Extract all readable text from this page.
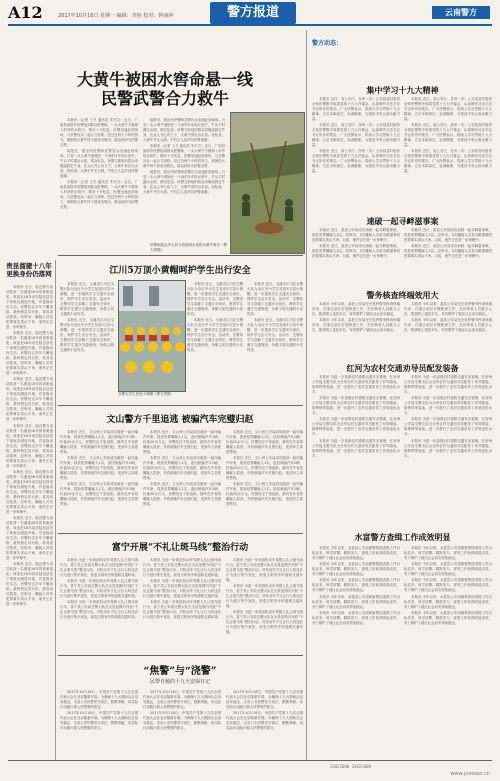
A12	2017年10月16日 星期一 编辑：李艳 校对：钟丽萍	警方报道	云南警方
大黄牛被困水窖命悬一线
民警武警合力救牛

本报讯（记者 王冬 通讯员 朱书文）近日，广南县南屏乡民警接到群众报警称，一头大黄牛不慎掉入村旁的水窖中，情况十分危急，民警迅速赶到现场，与武警官兵一起合力营救。经过近两个小时的努力，被困的大黄牛终于被成功救出，群众纷纷为民警点赞。

接报后，派出所民警和武警官兵迅速赶到现场。只见一头大黄牛被困在一个深约3米的水窖中，牛头不时露出水面，情况危急。民警立即组织群众用绳索固定牛身，在众人齐心协力下，大黄牛被拉出水窖。经检查，大黄牛并无大碍。牛的主人连声向民警道谢。

本报讯（记者 王冬 通讯员 朱书文）近日，广南县南屏乡民警接到群众报警称，一头大黄牛不慎掉入村旁的水窖中，情况十分危急，民警迅速赶到现场，与武警官兵一起合力营救。经过近两个小时的努力，被困的大黄牛终于被成功救出，群众纷纷为民警点赞。

接报后，派出所民警和武警官兵迅速赶到现场。只见一头大黄牛被困在一个深约3米的水窖中，牛头不时露出水面，情况危急。民警立即组织群众用绳索固定牛身，在众人齐心协力下，大黄牛被拉出水窖。经检查，大黄牛并无大碍。牛的主人连声向民警道谢。

本报讯（记者 王冬 通讯员 朱书文）近日，广南县南屏乡民警接到群众报警称，一头大黄牛不慎掉入村旁的水窖中，情况十分危急，民警迅速赶到现场，与武警官兵一起合力营救。经过近两个小时的努力，被困的大黄牛终于被成功救出，群众纷纷为民警点赞。

接报后，派出所民警和武警官兵迅速赶到现场。只见一头大黄牛被困在一个深约3米的水窖中，牛头不时露出水面，情况危急。民警立即组织群众用绳索固定牛身，在众人齐心协力下，大黄牛被拉出水窖。经检查，大黄牛并无大碍。牛的主人连声向民警道谢。

民警和群众齐心协力将被困水窖的大黄牛救出（警方供图）
贵昆溜捷十八年
更换身份仍落网

本报讯 近日，陆良警方成功抓获一名潜逃18年的命案逃犯。该逃犯18年前在陆良县犯下命案后潜逃外地，并更换身份生活。民警经过多年不懈追踪，最终锁定其行踪，将其成功抓获。经审讯，嫌疑人对其犯罪事实供认不讳，案件正在进一步审理中。

本报讯 近日，陆良警方成功抓获一名潜逃18年的命案逃犯。该逃犯18年前在陆良县犯下命案后潜逃外地，并更换身份生活。民警经过多年不懈追踪，最终锁定其行踪，将其成功抓获。经审讯，嫌疑人对其犯罪事实供认不讳，案件正在进一步审理中。

本报讯 近日，陆良警方成功抓获一名潜逃18年的命案逃犯。该逃犯18年前在陆良县犯下命案后潜逃外地，并更换身份生活。民警经过多年不懈追踪，最终锁定其行踪，将其成功抓获。经审讯，嫌疑人对其犯罪事实供认不讳，案件正在进一步审理中。

本报讯 近日，陆良警方成功抓获一名潜逃18年的命案逃犯。该逃犯18年前在陆良县犯下命案后潜逃外地，并更换身份生活。民警经过多年不懈追踪，最终锁定其行踪，将其成功抓获。经审讯，嫌疑人对其犯罪事实供认不讳，案件正在进一步审理中。

本报讯 近日，陆良警方成功抓获一名潜逃18年的命案逃犯。该逃犯18年前在陆良县犯下命案后潜逃外地，并更换身份生活。民警经过多年不懈追踪，最终锁定其行踪，将其成功抓获。经审讯，嫌疑人对其犯罪事实供认不讳，案件正在进一步审理中。

本报讯 近日，陆良警方成功抓获一名潜逃18年的命案逃犯。该逃犯18年前在陆良县犯下命案后潜逃外地，并更换身份生活。民警经过多年不懈追踪，最终锁定其行踪，将其成功抓获。经审讯，嫌疑人对其犯罪事实供认不讳，案件正在进一步审理中。

本报讯 近日，陆良警方成功抓获一名潜逃18年的命案逃犯。该逃犯18年前在陆良县犯下命案后潜逃外地，并更换身份生活。民警经过多年不懈追踪，最终锁定其行踪，将其成功抓获。经审讯，嫌疑人对其犯罪事实供认不讳，案件正在进一步审理中。

江川5万顶小黄帽呵护学生出行安全

本报讯 近日，玉溪市江川区交警大队为全区中小学生发放5万顶小黄帽，进一步提高学生交通安全意识，保护学生出行安全。活动中，交警向学生讲解了交通安全知识，教育学生遵守交通规则，争做文明交通的小宣传员。

本报讯 近日，玉溪市江川区交警大队为全区中小学生发放5万顶小黄帽，进一步提高学生交通安全意识，保护学生出行安全。活动中，交警向学生讲解了交通安全知识，教育学生遵守交通规则，争做文明交通的小宣传员。

本报讯 近日，玉溪市江川区交警大队为全区中小学生发放5万顶小黄帽，进一步提高学生交通安全意识，保护学生出行安全。活动中，交警向学生讲解了交通安全知识，教育学生遵守交通规则，争做文明交通的小宣传员。

本报讯 近日，玉溪市江川区交警大队为全区中小学生发放5万顶小黄帽，进一步提高学生交通安全意识，保护学生出行安全。活动中，交警向学生讲解了交通安全知识，教育学生遵守交通规则，争做文明交通的小宣传员。

本报讯 近日，玉溪市江川区交警大队为全区中小学生发放5万顶小黄帽，进一步提高学生交通安全意识，保护学生出行安全。活动中，交警向学生讲解了交通安全知识，教育学生遵守交通规则，争做文明交通的小宣传员。

本报讯 近日，玉溪市江川区交警大队为全区中小学生发放5万顶小黄帽，进一步提高学生交通安全意识，保护学生出行安全。活动中，交警向学生讲解了交通安全知识，教育学生遵守交通规则，争做文明交通的小宣传员。

交警为学生发放小黄帽（警方供图）
文山警方千里追逃 被骗汽车完璧归赵

本报讯 近日，文山州公安局成功破获一起诈骗汽车案，抓获犯罪嫌疑人1名，追回被骗汽车1辆，价值20余万元。民警经过千里追踪，最终在外省将嫌疑人抓获，并将被骗汽车完璧归赵，受到车主高度赞扬。

本报讯 近日，文山州公安局成功破获一起诈骗汽车案，抓获犯罪嫌疑人1名，追回被骗汽车1辆，价值20余万元。民警经过千里追踪，最终在外省将嫌疑人抓获，并将被骗汽车完璧归赵，受到车主高度赞扬。

本报讯 近日，文山州公安局成功破获一起诈骗汽车案，抓获犯罪嫌疑人1名，追回被骗汽车1辆，价值20余万元。民警经过千里追踪，最终在外省将嫌疑人抓获，并将被骗汽车完璧归赵，受到车主高度赞扬。

本报讯 近日，文山州公安局成功破获一起诈骗汽车案，抓获犯罪嫌疑人1名，追回被骗汽车1辆，价值20余万元。民警经过千里追踪，最终在外省将嫌疑人抓获，并将被骗汽车完璧归赵，受到车主高度赞扬。

本报讯 近日，文山州公安局成功破获一起诈骗汽车案，抓获犯罪嫌疑人1名，追回被骗汽车1辆，价值20余万元。民警经过千里追踪，最终在外省将嫌疑人抓获，并将被骗汽车完璧归赵，受到车主高度赞扬。

本报讯 近日，文山州公安局成功破获一起诈骗汽车案，抓获犯罪嫌疑人1名，追回被骗汽车1辆，价值20余万元。民警经过千里追踪，最终在外省将嫌疑人抓获，并将被骗汽车完璧归赵，受到车主高度赞扬。

本报讯 近日，文山州公安局成功破获一起诈骗汽车案，抓获犯罪嫌疑人1名，追回被骗汽车1辆，价值20余万元。民警经过千里追踪，最终在外省将嫌疑人抓获，并将被骗汽车完璧归赵，受到车主高度赞扬。

本报讯 近日，文山州公安局成功破获一起诈骗汽车案，抓获犯罪嫌疑人1名，追回被骗汽车1辆，价值20余万元。民警经过千里追踪，最终在外省将嫌疑人抓获，并将被骗汽车完璧归赵，受到车主高度赞扬。

本报讯 近日，文山州公安局成功破获一起诈骗汽车案，抓获犯罪嫌疑人1名，追回被骗汽车1辆，价值20余万元。民警经过千里追踪，最终在外省将嫌疑人抓获，并将被骗汽车完璧归赵，受到车主高度赞扬。

富宁开展“不礼让斑马线”整治行动

本报讯 为进一步规范机动车驾驶人礼让斑马线行为，富宁县公安局交警大队在全县范围内开展“不礼让斑马线”整治行动，对机动车不礼让行人的违法行为进行集中查处，营造文明有序的道路交通环境。

本报讯 为进一步规范机动车驾驶人礼让斑马线行为，富宁县公安局交警大队在全县范围内开展“不礼让斑马线”整治行动，对机动车不礼让行人的违法行为进行集中查处，营造文明有序的道路交通环境。

本报讯 为进一步规范机动车驾驶人礼让斑马线行为，富宁县公安局交警大队在全县范围内开展“不礼让斑马线”整治行动，对机动车不礼让行人的违法行为进行集中查处，营造文明有序的道路交通环境。

本报讯 为进一步规范机动车驾驶人礼让斑马线行为，富宁县公安局交警大队在全县范围内开展“不礼让斑马线”整治行动，对机动车不礼让行人的违法行为进行集中查处，营造文明有序的道路交通环境。

本报讯 为进一步规范机动车驾驶人礼让斑马线行为，富宁县公安局交警大队在全县范围内开展“不礼让斑马线”整治行动，对机动车不礼让行人的违法行为进行集中查处，营造文明有序的道路交通环境。

本报讯 为进一步规范机动车驾驶人礼让斑马线行为，富宁县公安局交警大队在全县范围内开展“不礼让斑马线”整治行动，对机动车不礼让行人的违法行为进行集中查处，营造文明有序的道路交通环境。

本报讯 为进一步规范机动车驾驶人礼让斑马线行为，富宁县公安局交警大队在全县范围内开展“不礼让斑马线”整治行动，对机动车不礼让行人的违法行为进行集中查处，营造文明有序的道路交通环境。

本报讯 为进一步规范机动车驾驶人礼让斑马线行为，富宁县公安局交警大队在全县范围内开展“不礼让斑马线”整治行动，对机动车不礼让行人的违法行为进行集中查处，营造文明有序的道路交通环境。

本报讯 为进一步规范机动车驾驶人礼让斑马线行为，富宁县公安局交警大队在全县范围内开展“不礼让斑马线”整治行动，对机动车不礼让行人的违法行为进行集中查处，营造文明有序的道路交通环境。

“焦警”与“浇警”
民警自杨的十九大安保日记

2017年10月18日，中国共产党第十九次全国代表大会在北京隆重开幕。为确保十九大期间社会治安稳定，全省公安民警坚守岗位，默默奉献，用实际行动践行着人民警察的誓言。

2017年10月18日，中国共产党第十九次全国代表大会在北京隆重开幕。为确保十九大期间社会治安稳定，全省公安民警坚守岗位，默默奉献，用实际行动践行着人民警察的誓言。

2017年10月18日，中国共产党第十九次全国代表大会在北京隆重开幕。为确保十九大期间社会治安稳定，全省公安民警坚守岗位，默默奉献，用实际行动践行着人民警察的誓言。

2017年10月18日，中国共产党第十九次全国代表大会在北京隆重开幕。为确保十九大期间社会治安稳定，全省公安民警坚守岗位，默默奉献，用实际行动践行着人民警察的誓言。

2017年10月18日，中国共产党第十九次全国代表大会在北京隆重开幕。为确保十九大期间社会治安稳定，全省公安民警坚守岗位，默默奉献，用实际行动践行着人民警察的誓言。

2017年10月18日，中国共产党第十九次全国代表大会在北京隆重开幕。为确保十九大期间社会治安稳定，全省公安民警坚守岗位，默默奉献，用实际行动践行着人民警察的誓言。

警方动态：
集中学习十九大精神

本报讯 近日，省公安厅、各州（市）公安局及时组织全体民警集中收看党的十九大开幕会，认真聆听习近平总书记所作的报告。广大民警表示，将深入学习贯彻十九大精神，立足本职岗位，忠诚履职，为建设平安云南贡献力量。

本报讯 近日，省公安厅、各州（市）公安局及时组织全体民警集中收看党的十九大开幕会，认真聆听习近平总书记所作的报告。广大民警表示，将深入学习贯彻十九大精神，立足本职岗位，忠诚履职，为建设平安云南贡献力量。

本报讯 近日，省公安厅、各州（市）公安局及时组织全体民警集中收看党的十九大开幕会，认真聆听习近平总书记所作的报告。广大民警表示，将深入学习贯彻十九大精神，立足本职岗位，忠诚履职，为建设平安云南贡献力量。

本报讯 近日，省公安厅、各州（市）公安局及时组织全体民警集中收看党的十九大开幕会，认真聆听习近平总书记所作的报告。广大民警表示，将深入学习贯彻十九大精神，立足本职岗位，忠诚履职，为建设平安云南贡献力量。

本报讯 近日，省公安厅、各州（市）公安局及时组织全体民警集中收看党的十九大开幕会，认真聆听习近平总书记所作的报告。广大民警表示，将深入学习贯彻十九大精神，立足本职岗位，忠诚履职，为建设平安云南贡献力量。

本报讯 近日，省公安厅、各州（市）公安局及时组织全体民警集中收看党的十九大开幕会，认真聆听习近平总书记所作的报告。广大民警表示，将深入学习贯彻十九大精神，立足本职岗位，忠诚履职，为建设平安云南贡献力量。

速破一起寻衅滋事案

本报讯 近日，某县公安局成功侦破一起寻衅滋事案，抓获犯罪嫌疑人3名。经审讯，3名嫌疑人对其寻衅滋事的犯罪事实供认不讳。目前，案件正在进一步审理中。

本报讯 近日，某县公安局成功侦破一起寻衅滋事案，抓获犯罪嫌疑人3名。经审讯，3名嫌疑人对其寻衅滋事的犯罪事实供认不讳。目前，案件正在进一步审理中。

本报讯 近日，某县公安局成功侦破一起寻衅滋事案，抓获犯罪嫌疑人3名。经审讯，3名嫌疑人对其寻衅滋事的犯罪事实供认不讳。目前，案件正在进一步审理中。

本报讯 近日，某县公安局成功侦破一起寻衅滋事案，抓获犯罪嫌疑人3名。经审讯，3名嫌疑人对其寻衅滋事的犯罪事实供认不讳。目前，案件正在进一步审理中。

警务核查终端效用大

本报讯 今年以来，某县公安局充分发挥警务核查终端作用，在重点部位开展核查工作，先后核查人员数万人次，抓获网上逃犯多名，有效维护了辖区社会治安稳定。

本报讯 今年以来，某县公安局充分发挥警务核查终端作用，在重点部位开展核查工作，先后核查人员数万人次，抓获网上逃犯多名，有效维护了辖区社会治安稳定。

本报讯 今年以来，某县公安局充分发挥警务核查终端作用，在重点部位开展核查工作，先后核查人员数万人次，抓获网上逃犯多名，有效维护了辖区社会治安稳定。

本报讯 今年以来，某县公安局充分发挥警务核查终端作用，在重点部位开展核查工作，先后核查人员数万人次，抓获网上逃犯多名，有效维护了辖区社会治安稳定。

红河为农村交通劝导员配发装备

本报讯 为进一步加强农村道路交通安全管理，红河州公安局交警支队为全州农村交通劝导员配发了劝导服装、指挥棒等装备，进一步提升了农村交通劝导工作规范化水平。

本报讯 为进一步加强农村道路交通安全管理，红河州公安局交警支队为全州农村交通劝导员配发了劝导服装、指挥棒等装备，进一步提升了农村交通劝导工作规范化水平。

本报讯 为进一步加强农村道路交通安全管理，红河州公安局交警支队为全州农村交通劝导员配发了劝导服装、指挥棒等装备，进一步提升了农村交通劝导工作规范化水平。

本报讯 为进一步加强农村道路交通安全管理，红河州公安局交警支队为全州农村交通劝导员配发了劝导服装、指挥棒等装备，进一步提升了农村交通劝导工作规范化水平。

本报讯 为进一步加强农村道路交通安全管理，红河州公安局交警支队为全州农村交通劝导员配发了劝导服装、指挥棒等装备，进一步提升了农村交通劝导工作规范化水平。

本报讯 为进一步加强农村道路交通安全管理，红河州公安局交警支队为全州农村交通劝导员配发了劝导服装、指挥棒等装备，进一步提升了农村交通劝导工作规范化水平。

本报讯 为进一步加强农村道路交通安全管理，红河州公安局交警支队为全州农村交通劝导员配发了劝导服装、指挥棒等装备，进一步提升了农村交通劝导工作规范化水平。

本报讯 为进一步加强农村道路交通安全管理，红河州公安局交警支队为全州农村交通劝导员配发了劝导服装、指挥棒等装备，进一步提升了农村交通劝导工作规范化水平。

水富警方查缉工作成效明显

本报讯 今年以来，水富县公安局紧紧围绕查缉工作目标任务，科学部署、精准发力，查缉工作取得明显成效，有力维护了辖区社会治安持续稳定。

本报讯 今年以来，水富县公安局紧紧围绕查缉工作目标任务，科学部署、精准发力，查缉工作取得明显成效，有力维护了辖区社会治安持续稳定。

本报讯 今年以来，水富县公安局紧紧围绕查缉工作目标任务，科学部署、精准发力，查缉工作取得明显成效，有力维护了辖区社会治安持续稳定。

本报讯 今年以来，水富县公安局紧紧围绕查缉工作目标任务，科学部署、精准发力，查缉工作取得明显成效，有力维护了辖区社会治安持续稳定。

本报讯 今年以来，水富县公安局紧紧围绕查缉工作目标任务，科学部署、精准发力，查缉工作取得明显成效，有力维护了辖区社会治安持续稳定。

本报讯 今年以来，水富县公安局紧紧围绕查缉工作目标任务，科学部署、精准发力，查缉工作取得明显成效，有力维护了辖区社会治安持续稳定。

本报讯 今年以来，水富县公安局紧紧围绕查缉工作目标任务，科学部署、精准发力，查缉工作取得明显成效，有力维护了辖区社会治安持续稳定。

本报讯 今年以来，水富县公安局紧紧围绕查缉工作目标任务，科学部署、精准发力，查缉工作取得明显成效，有力维护了辖区社会治安持续稳定。

本报讯 今年以来，水富县公安局紧紧围绕查缉工作目标任务，科学部署、精准发力，查缉工作取得明显成效，有力维护了辖区社会治安持续稳定。

本报讯 今年以来，水富县公安局紧紧围绕查缉工作目标任务，科学部署、精准发力，查缉工作取得明显成效，有力维护了辖区社会治安持续稳定。

33022000 33022000
www.yunnan.cn
